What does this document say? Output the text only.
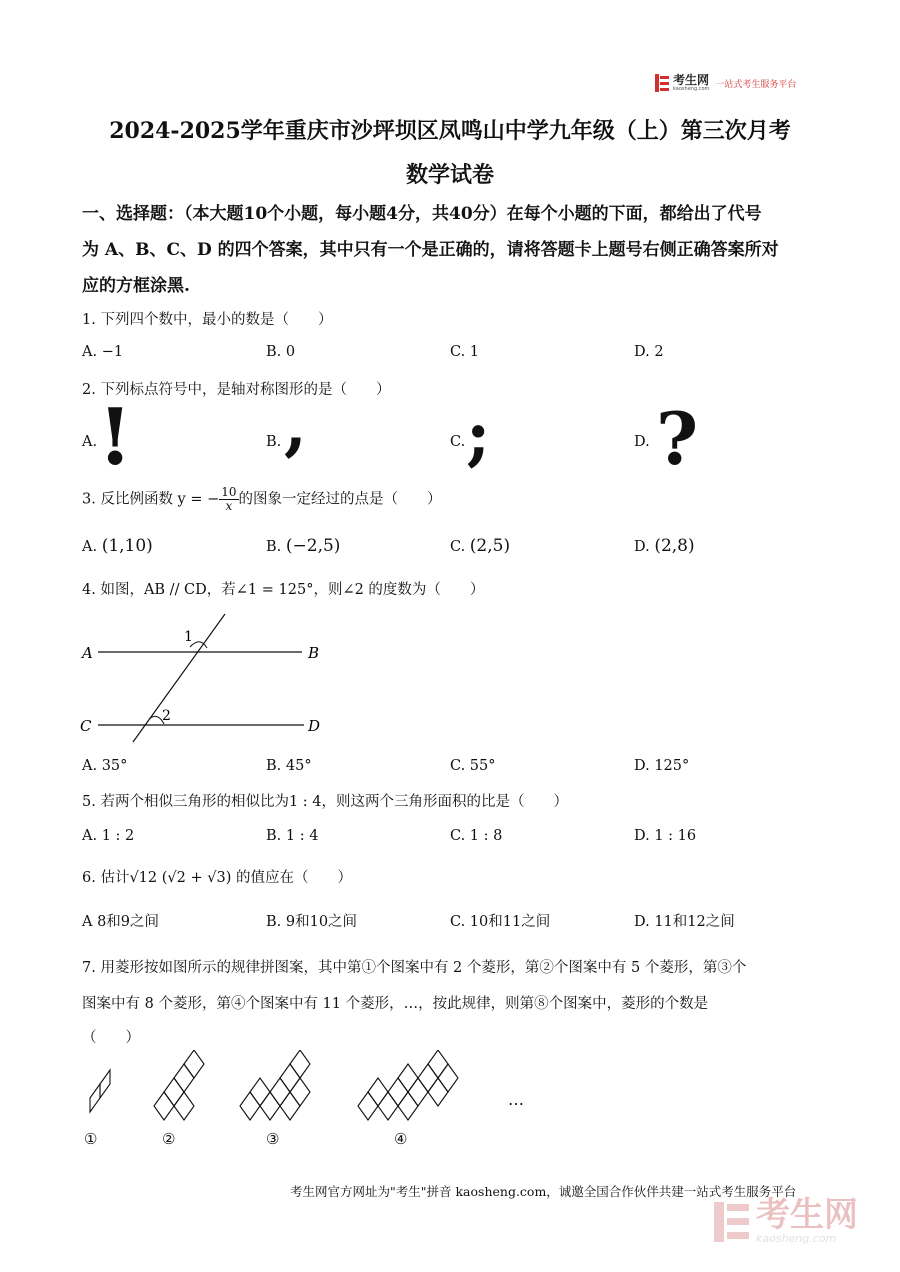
考生网
kaosheng.com 一站式考生服务平台
2024-2025学年重庆市沙坪坝区凤鸣山中学九年级（上）第三次月考
数学试卷
一、选择题：（本大题10个小题，每小题4分，共40分）在每个小题的下面，都给出了代号
为 A、B、C、D 的四个答案，其中只有一个是正确的，请将答题卡上题号右侧正确答案所对
应的方框涂黑.
1. 下列四个数中，最小的数是（　　）
A. −1	B. 0	C. 1	D. 2
2. 下列标点符号中，是轴对称图形的是（　　）
A. !	B. ,	C. ;	D. ?
3. 反比例函数 y = − $\frac{10}{x}$ 的图象一定经过的点是（　　）
A. (1,10)	B. (−2,5)	C. (2,5)	D. (2,8)
4. 如图，AB // CD，若∠1 = 125°，则∠2 的度数为（　　）
A	B
C	D
1
2
A. 35°	B. 45°	C. 55°	D. 125°
5. 若两个相似三角形的相似比为1 : 4，则这两个三角形面积的比是（　　）
A. 1 : 2	B. 1 : 4	C. 1 : 8	D. 1 : 16
6. 估计√12 (√2 + √3) 的值应在（　　）
A 8和9之间	B. 9和10之间	C. 10和11之间	D. 11和12之间
7. 用菱形按如图所示的规律拼图案，其中第①个图案中有 2 个菱形，第②个图案中有 5 个菱形，第③个
图案中有 8 个菱形，第④个图案中有 11 个菱形，…，按此规律，则第⑧个图案中，菱形的个数是
（　　）
…
①	②	③	④
考生网官方网址为"考生"拼音 kaosheng.com，诚邀全国合作伙伴共建一站式考生服务平台
考生网
kaosheng.com
